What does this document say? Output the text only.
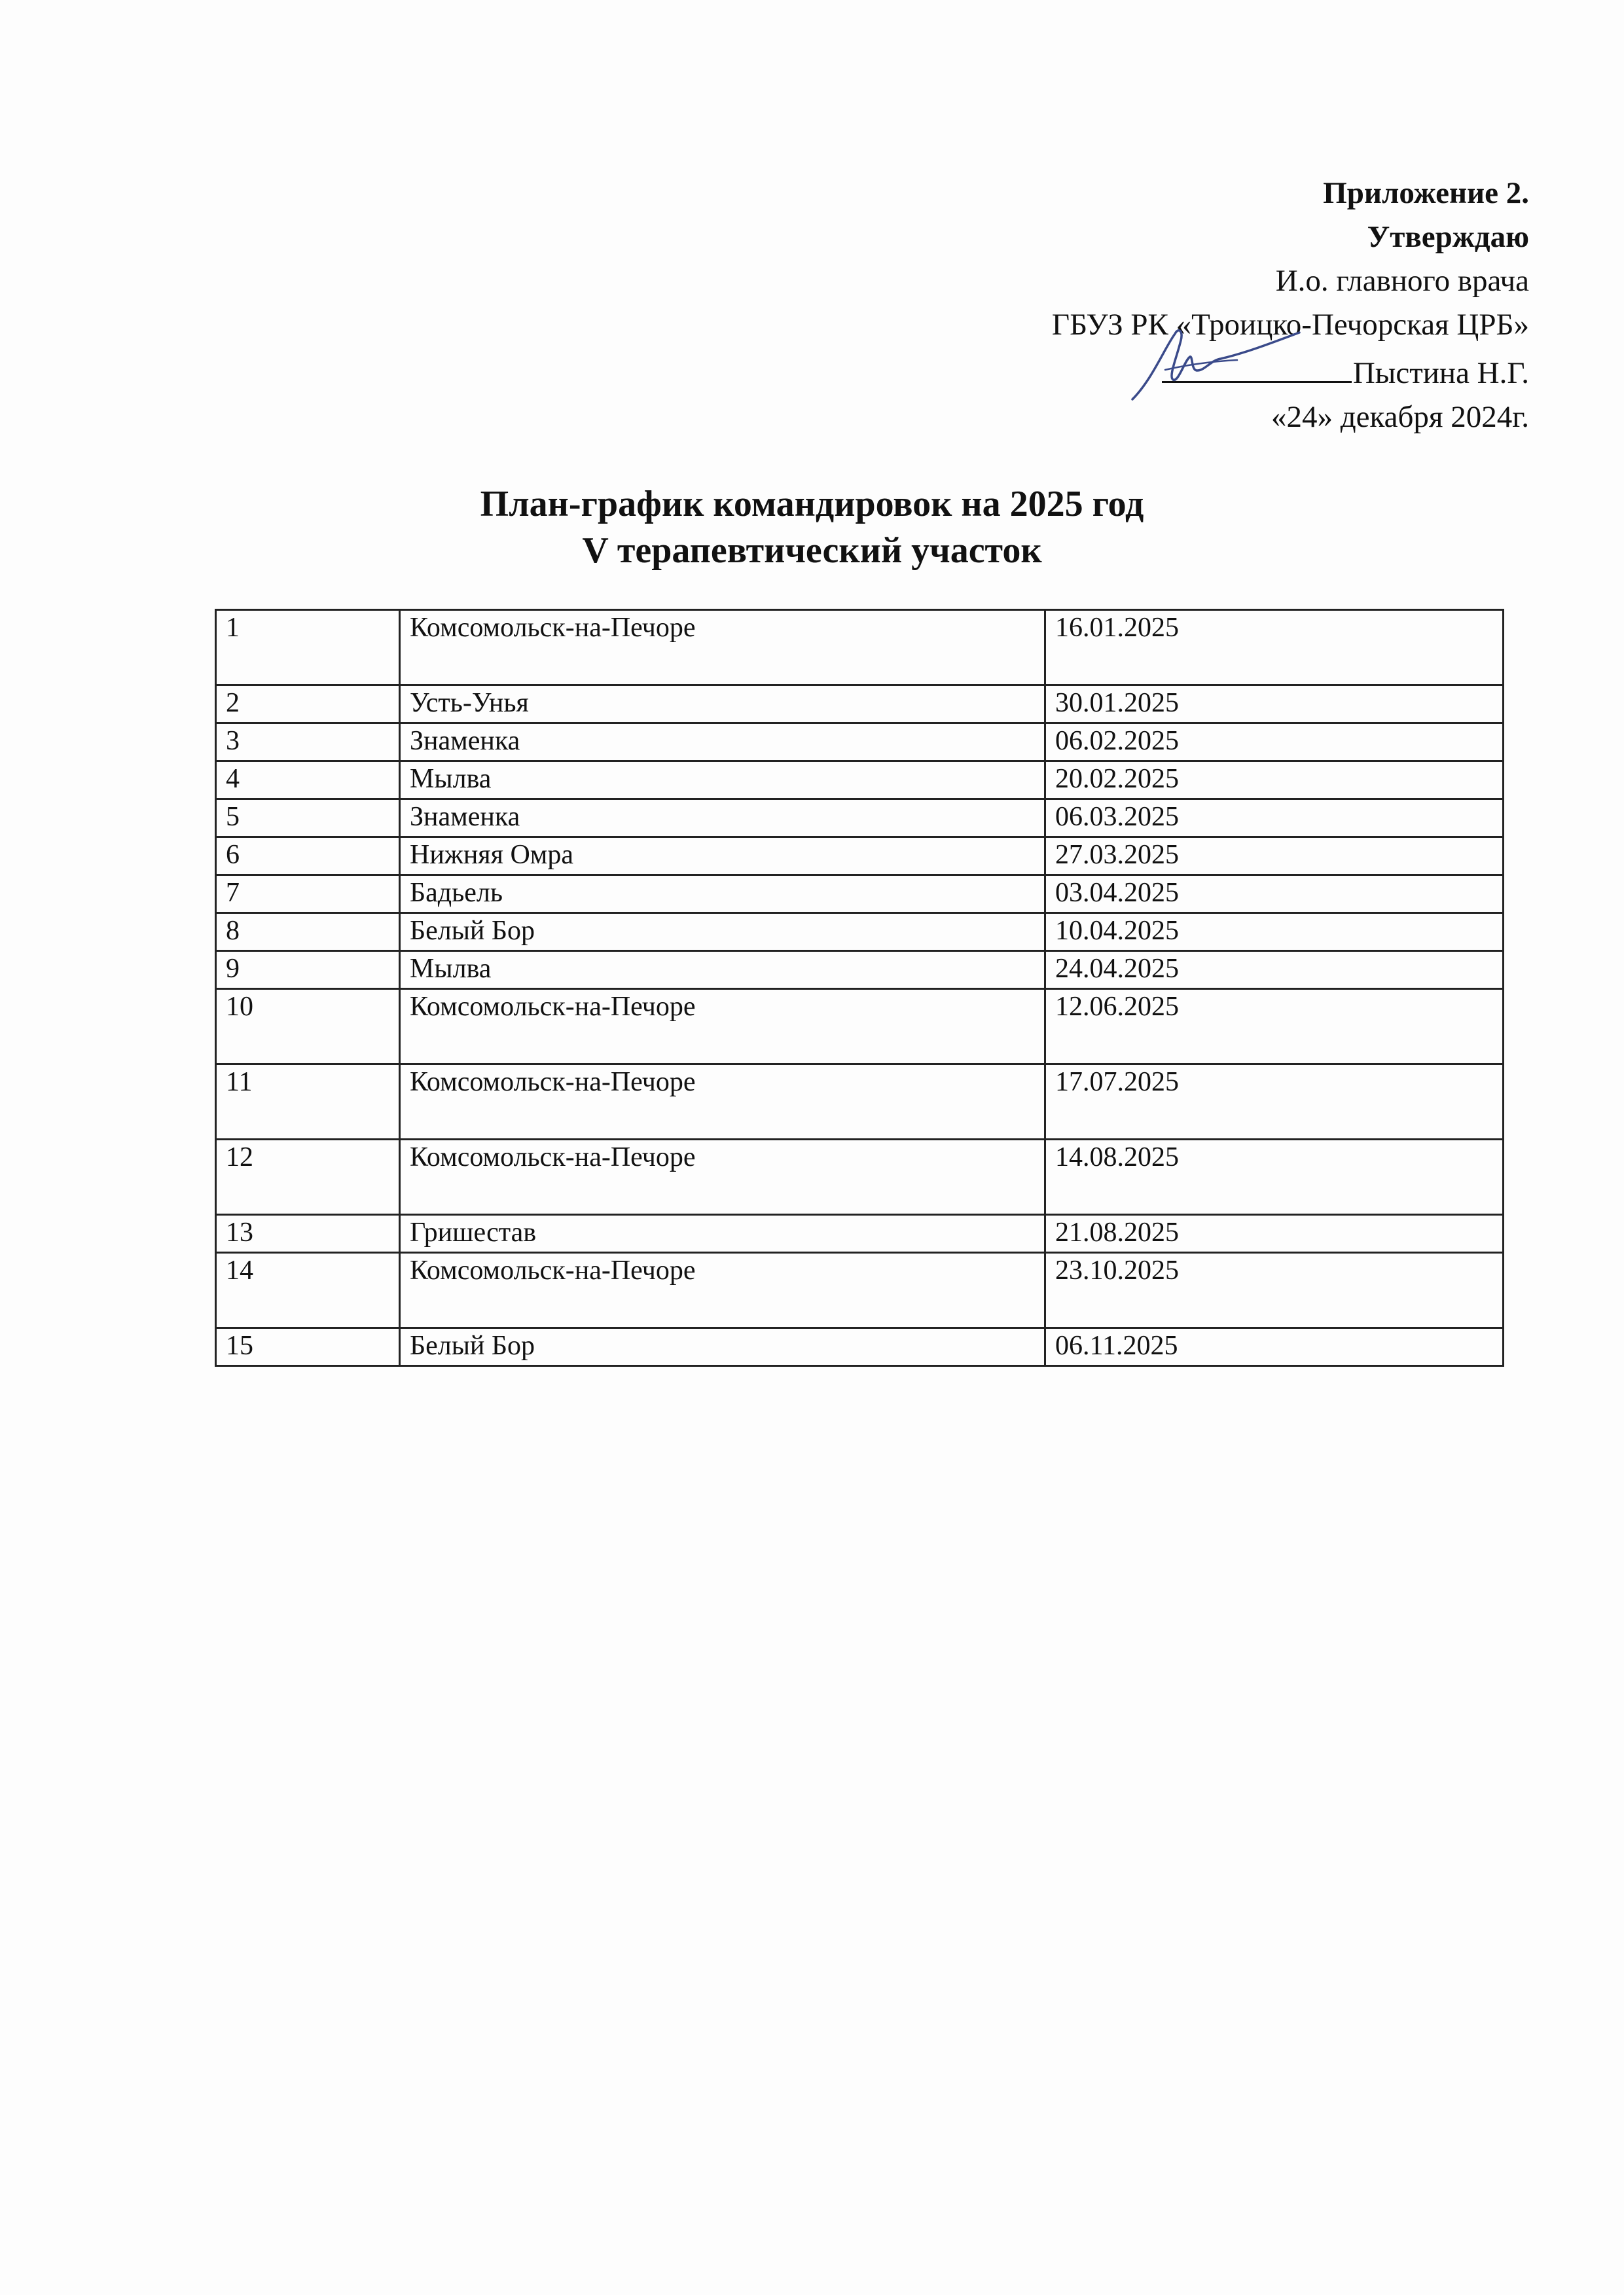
Приложение 2.
Утверждаю
И.о. главного врача
ГБУЗ РК «Троицко-Печорская ЦРБ»
Пыстина Н.Г.
«24» декабря 2024г.
План-график командировок на 2025 год
V терапевтический участок
1	Комсомольск-на-Печоре	16.01.2025
2	Усть-Унья	30.01.2025
3	Знаменка	06.02.2025
4	Мылва	20.02.2025
5	Знаменка	06.03.2025
6	Нижняя Омра	27.03.2025
7	Бадьель	03.04.2025
8	Белый Бор	10.04.2025
9	Мылва	24.04.2025
10	Комсомольск-на-Печоре	12.06.2025
11	Комсомольск-на-Печоре	17.07.2025
12	Комсомольск-на-Печоре	14.08.2025
13	Гришестав	21.08.2025
14	Комсомольск-на-Печоре	23.10.2025
15	Белый Бор	06.11.2025
